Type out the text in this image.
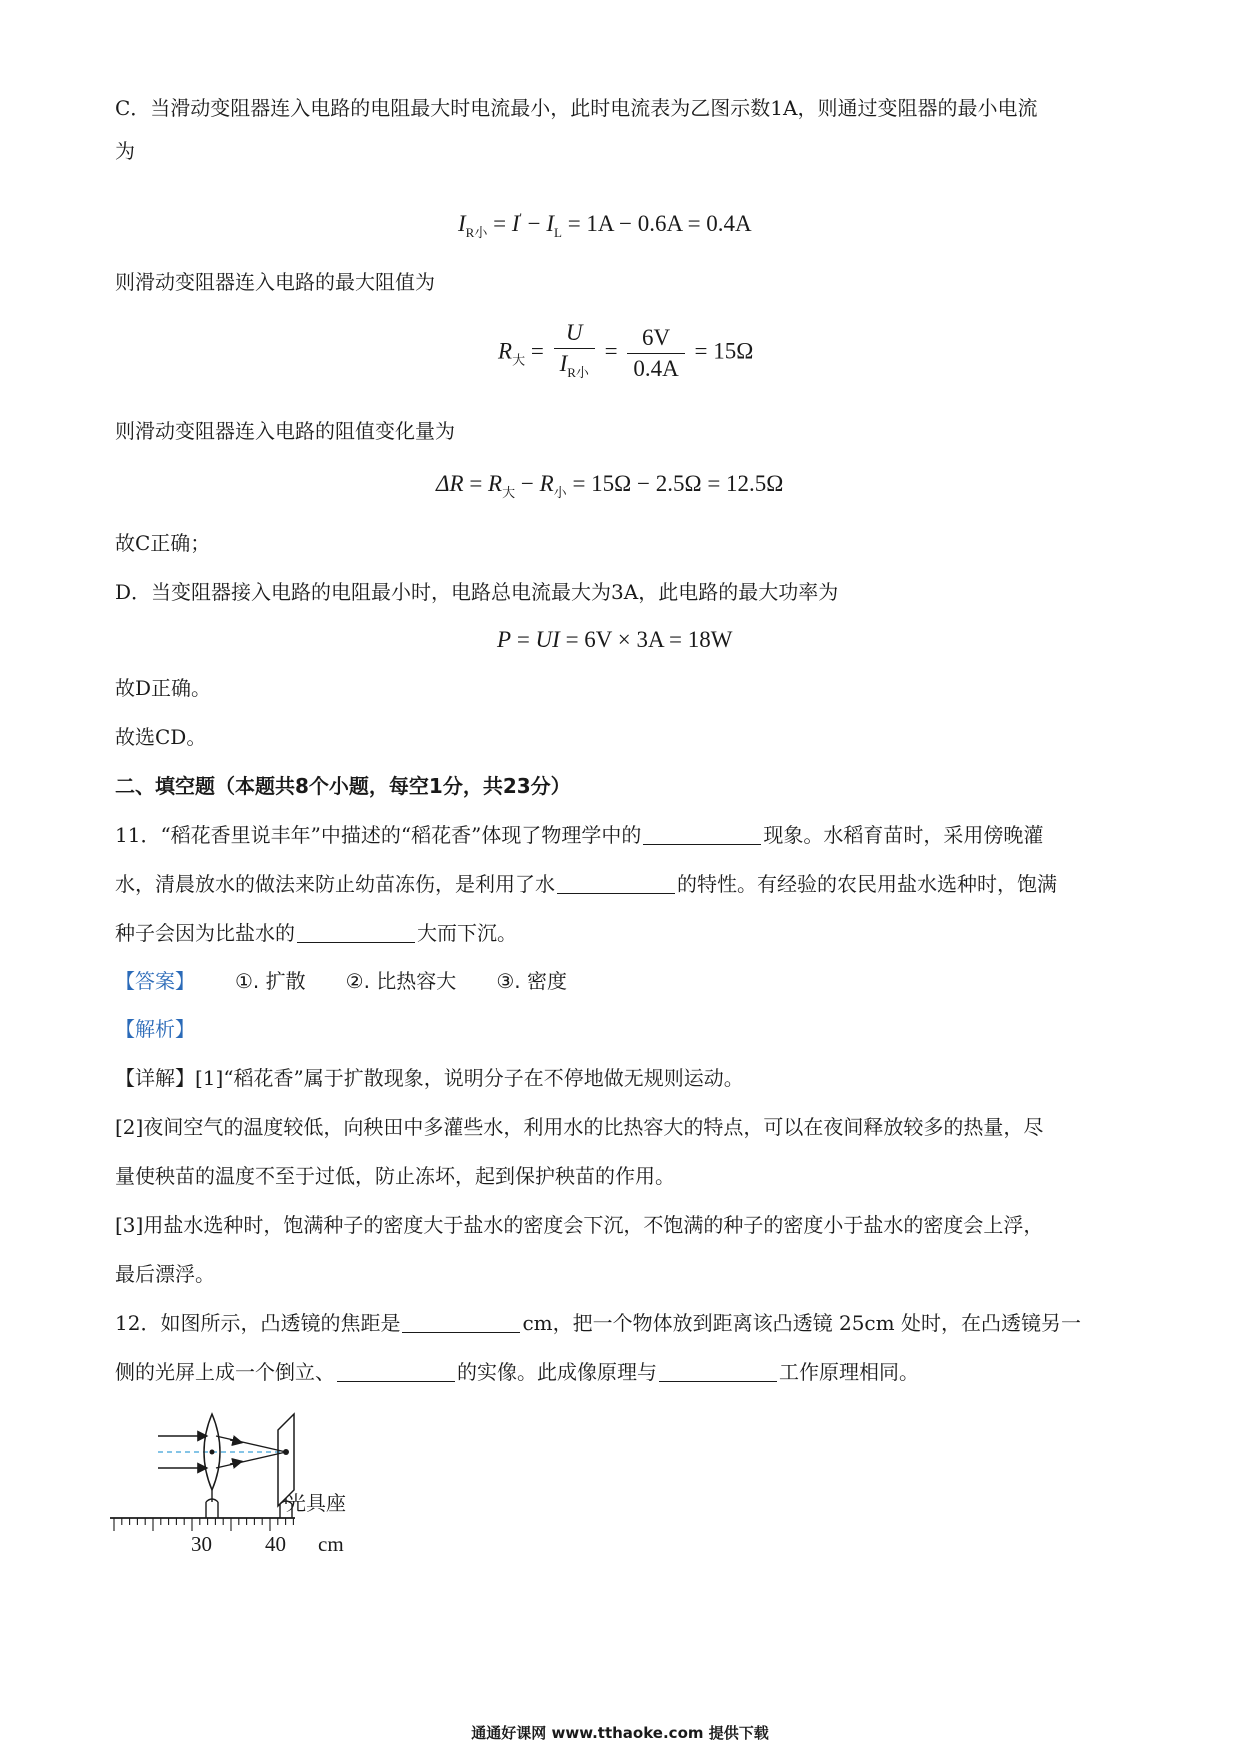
C．当滑动变阻器连入电路的电阻最大时电流最小，此时电流表为乙图示数1A，则通过变阻器的最小电流
为
$I_{R小} = I' - I_L = 1A - 0.6A = 0.4A$
则滑动变阻器连入电路的最大阻值为
$R_大 = \frac{U}{I_{R小}} = \frac{6V}{0.4A} = 15\Omega$
则滑动变阻器连入电路的阻值变化量为
$\Delta R = R_大 - R_小 = 15\Omega - 2.5\Omega = 12.5\Omega$
故C正确；
D．当变阻器接入电路的电阻最小时，电路总电流最大为3A，此电路的最大功率为
P = UI = 6V × 3A = 18W
故D正确。
故选CD。
二、填空题（本题共8个小题，每空1分，共23分）
11．“稻花香里说丰年”中描述的“稻花香”体现了物理学中的	现象。水稻育苗时，采用傍晚灌
水，清晨放水的做法来防止幼苗冻伤，是利用了水	的特性。有经验的农民用盐水选种时，饱满
种子会因为比盐水的	大而下沉。
【答案】 ①. 扩散 ②. 比热容大 ③. 密度
【解析】
【详解】[1]“稻花香”属于扩散现象，说明分子在不停地做无规则运动。
[2]夜间空气的温度较低，向秧田中多灌些水，利用水的比热容大的特点，可以在夜间释放较多的热量，尽
量使秧苗的温度不至于过低，防止冻坏，起到保护秧苗的作用。
[3]用盐水选种时，饱满种子的密度大于盐水的密度会下沉，不饱满的种子的密度小于盐水的密度会上浮，
最后漂浮。
12．如图所示，凸透镜的焦距是	cm，把一个物体放到距离该凸透镜 25cm 处时，在凸透镜另一
侧的光屏上成一个倒立、	的实像。此成像原理与	工作原理相同。
光具座
30	40 cm
通通好课网 www.tthaoke.com 提供下载
